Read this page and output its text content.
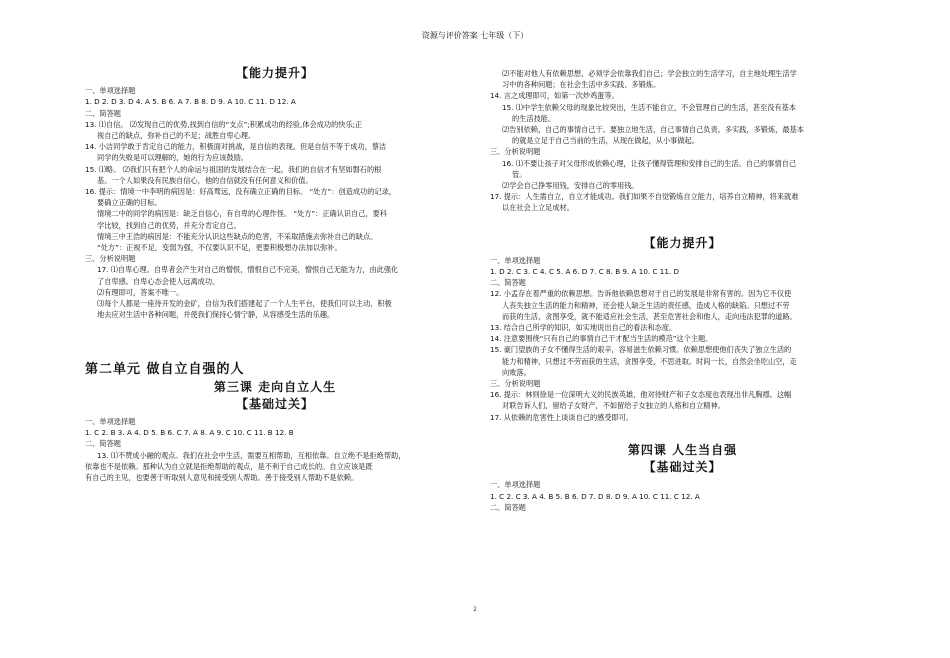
资源与评价答案 七年级（下）

【能力提升】

一、单项选择题

1. D 2. D 3. D 4. A 5. B 6. A 7. B 8. D 9. A 10. C 11. D 12. A

二、简答题

13. ⑴自信。 ⑵发现自己的优势,找到自信的“支点”;积累成功的经验,体会成功的快乐;正

视自己的缺点，弥补自己的不足；战胜自卑心理。

14. 小洁同学敢于肯定自己的能力，积极面对挑战，是自信的表现。但是自信不等于成功，蔡洁

同学的失败是可以理解的，她的行为应该鼓励。

15. ⑴略。 ⑵我们只有把个人的命运与祖国的发展结合在一起，我们的自信才有坚如磐石的根

基。一个人如果没有民族自信心，他的自信就没有任何意义和价值。

16. 提示：情境一中李明的病因是：好高骛远，没有确立正确的目标。 “处方”：创造成功的记录，

要确立正确的目标。

情境二中的同学的病因是：缺乏自信心，有自卑的心理作怪。 “处方”：正确认识自己，要科

学比较，找到自己的优势，并充分肯定自己。

情境三中王浩的病因是：不能充分认识这些缺点的危害，不采取措施去弥补自己的缺点。

“处方”：正视不足，变弱为强，不仅要认识不足，更要积极想办法加以弥补。

三、分析说明题

17. ⑴自卑心理。自卑者会产生对自己的憎恨，憎恨自己不完美，憎恨自己无能为力，由此强化

了自卑感。自卑心态会使人远离成功。

⑵有理即可，答案不唯一。

⑶每个人都是一座待开发的金矿，自信为我们搭建起了一个人生平台，使我们可以主动、积极

地去应对生活中各种问题，并使我们保持心情宁静，从容感受生活的乐趣。

第二单元 做自立自强的人

第三课 走向自立人生

【基础过关】

一、单项选择题

1. C 2. B 3. A 4. D 5. B 6. C 7. A 8. A 9. C 10. C 11. B 12. B

二、简答题

13. ⑴不赞成小融的观点。我们在社会中生活，需要互相帮助，互相依靠。自立绝不是拒绝帮助，

依靠也不是依赖。那种认为自立就是拒绝帮助的观点，是不利于自己成长的。自立应该是既

有自己的主见，也要善于听取别人意见和接受别人帮助。善于接受别人帮助不是依赖。

⑵不能对他人有依赖思想，必须学会依靠我们自己；学会独立的生活学习，自主地处理生活学

习中的各种问题；在社会生活中多实践、多锻炼。

14. 言之成理即可，如第一次炒鸡蛋等。

15. ⑴中学生依赖父母的现象比较突出，生活不能自立，不会管理自己的生活，甚至没有基本

的生活技能。

⑵告别依赖，自己的事情自己干。要独立地生活，自己事情自己负责。多实践，多锻炼，最基本

的就是立足于自己当前的生活，从现在做起，从小事做起。

三、分析说明题

16. ⑴不要让孩子对父母形成依赖心理，让孩子懂得管理和安排自己的生活。自己的事情自己

管。

⑵学会自己挣零用钱，安排自己的零用钱。

17. 提示：人生需自立，自立才能成功。我们如果不自觉锻炼自立能力，培养自立精神，将来就难

以在社会上立足成材。

【能力提升】

一、单项选择题

1. D 2. C 3. C 4. C 5. A 6. D 7. C 8. B 9. A 10. C 11. D

二、简答题

12. 小孟存在着严重的依赖思想。告诉他依赖思想对于自己的发展是非常有害的。因为它不仅使

人丧失独立生活的能力和精神，还会使人缺乏生活的责任感，造成人格的缺陷。只想过不劳

而获的生活，贪图享受，就不能适应社会生活，甚至危害社会和他人，走向违法犯罪的道路。

13. 结合自己所学的知识，如实地说出自己的看法和态度。

14. 注意要围绕“只有自己的事情自己干才配当生活的模范”这个主题。

15. 豪门望族的子女不懂得生活的艰辛，容易滋生依赖习惯。依赖思想使他们丧失了独立生活的

能力和精神，只想过不劳而获的生活，贪图享受，不思进取。时间一长，自然会坐吃山空，走

向败落。

三、分析说明题

16. 提示：林则徐是一位深明大义的民族英雄，他对待财产和子女态度也表现出非凡胸襟。这幅

对联告诉人们，留给子女财产，不如留给子女独立的人格和自立精神。

17. 从依赖的危害性上谈谈自己的感受即可。

第四课 人生当自强

【基础过关】

一、单项选择题

1. C 2. C 3. A 4. B 5. B 6. D 7. D 8. D 9. A 10. C 11. C 12. A

二、简答题

2
